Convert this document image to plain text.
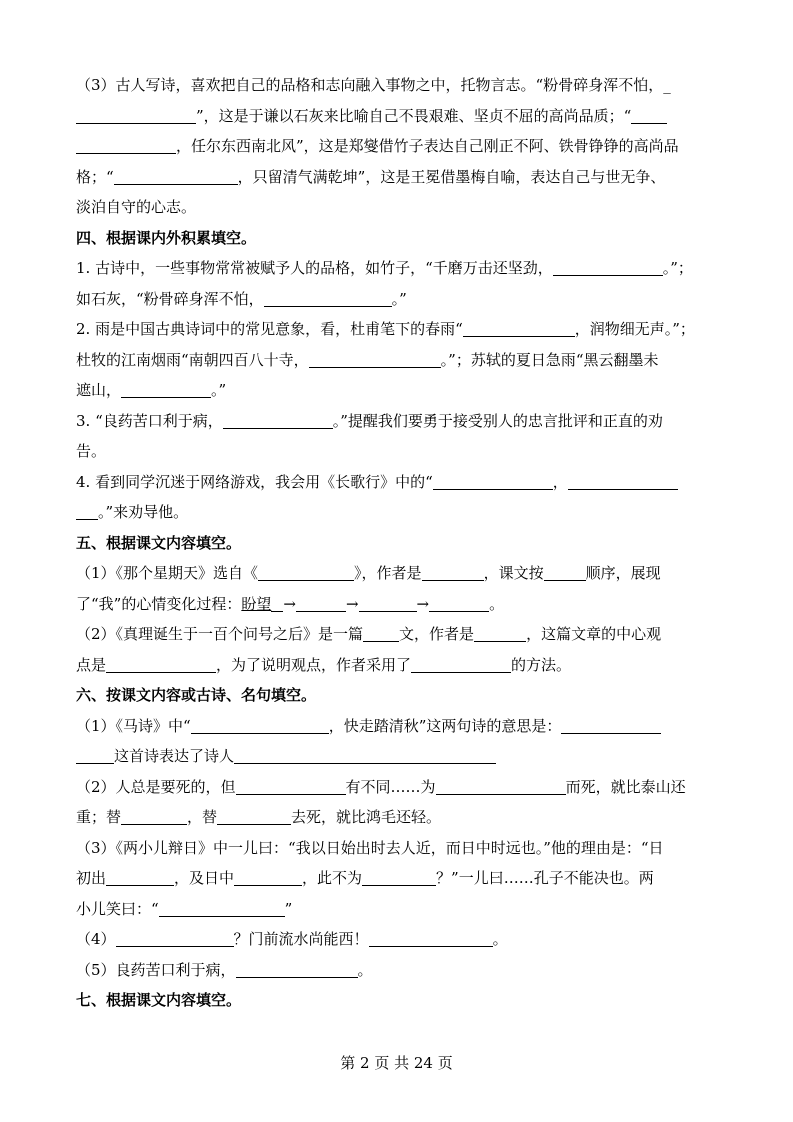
（3）古人写诗，喜欢把自己的品格和志向融入事物之中，托物言志。“粉骨碎身浑不怕，_
”，这是于谦以石灰来比喻自己不畏艰难、坚贞不屈的高尚品质；“
，任尔东西南北风”，这是郑燮借竹子表达自己刚正不阿、铁骨铮铮的高尚品
格；“	，只留清气满乾坤”，这是王冕借墨梅自喻，表达自己与世无争、
淡泊自守的心志。
四、根据课内外积累填空。
1. 古诗中，一些事物常常被赋予人的品格，如竹子，“千磨万击还坚劲，	。”；
如石灰，“粉骨碎身浑不怕，	。”
2. 雨是中国古典诗词中的常见意象，看，杜甫笔下的春雨“	，润物细无声。”；
杜牧的江南烟雨“南朝四百八十寺，	。”；苏轼的夏日急雨“黑云翻墨未
遮山，	。”
3. “良药苦口利于病，	。”提醒我们要勇于接受别人的忠言批评和正直的劝
告。
4. 看到同学沉迷于网络游戏，我会用《长歌行》中的“	，
。”来劝导他。
五、根据课文内容填空。
（1）《那个星期天》选自《	》，作者是	，课文按	顺序，展现
了“我”的心情变化过程：盼望 →	→	→	。
（2）《真理诞生于一百个问号之后》是一篇 文，作者是	，这篇文章的中心观
点是	，为了说明观点，作者采用了	的方法。
六、按课文内容或古诗、名句填空。
（1）《马诗》中“	，快走踏清秋”这两句诗的意思是：
这首诗表达了诗人
（2）人总是要死的，但	有不同……为	而死，就比泰山还
重；替	，替	去死，就比鸿毛还轻。
（3）《两小儿辩日》中一儿曰：“我以日始出时去人近，而日中时远也。”他的理由是：“日
初出	，及日中	，此不为	？”一儿曰……孔子不能决也。两
小儿笑曰：“	”
（4）	？门前流水尚能西！	。
（5）良药苦口利于病，	。
七、根据课文内容填空。
第 2 页 共 24 页
